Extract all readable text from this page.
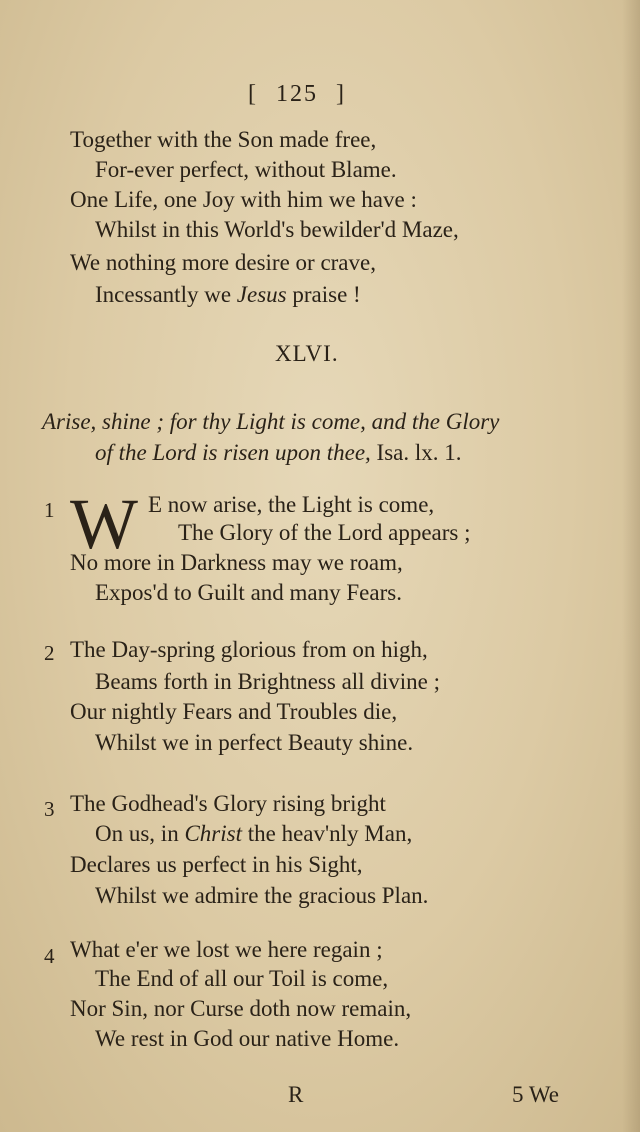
[ 125 ]
Together with the Son made free,
For-ever perfect, without Blame.
One Life, one Joy with him we have :
Whilst in this World's bewilder'd Maze,
We nothing more desire or crave,
Incessantly we Jesus praise !
XLVI.
Arise, shine ; for thy Light is come, and the Glory
of the Lord is risen upon thee, Isa. lx. 1.
1 W E now arise, the Light is come,
The Glory of the Lord appears ;
No more in Darkness may we roam,
Expos'd to Guilt and many Fears.
2 The Day-spring glorious from on high,
Beams forth in Brightness all divine ;
Our nightly Fears and Troubles die,
Whilst we in perfect Beauty shine.
3 The Godhead's Glory rising bright
On us, in Christ the heav'nly Man,
Declares us perfect in his Sight,
Whilst we admire the gracious Plan.
4 What e'er we lost we here regain ;
The End of all our Toil is come,
Nor Sin, nor Curse doth now remain,
We rest in God our native Home.
R	5 We
